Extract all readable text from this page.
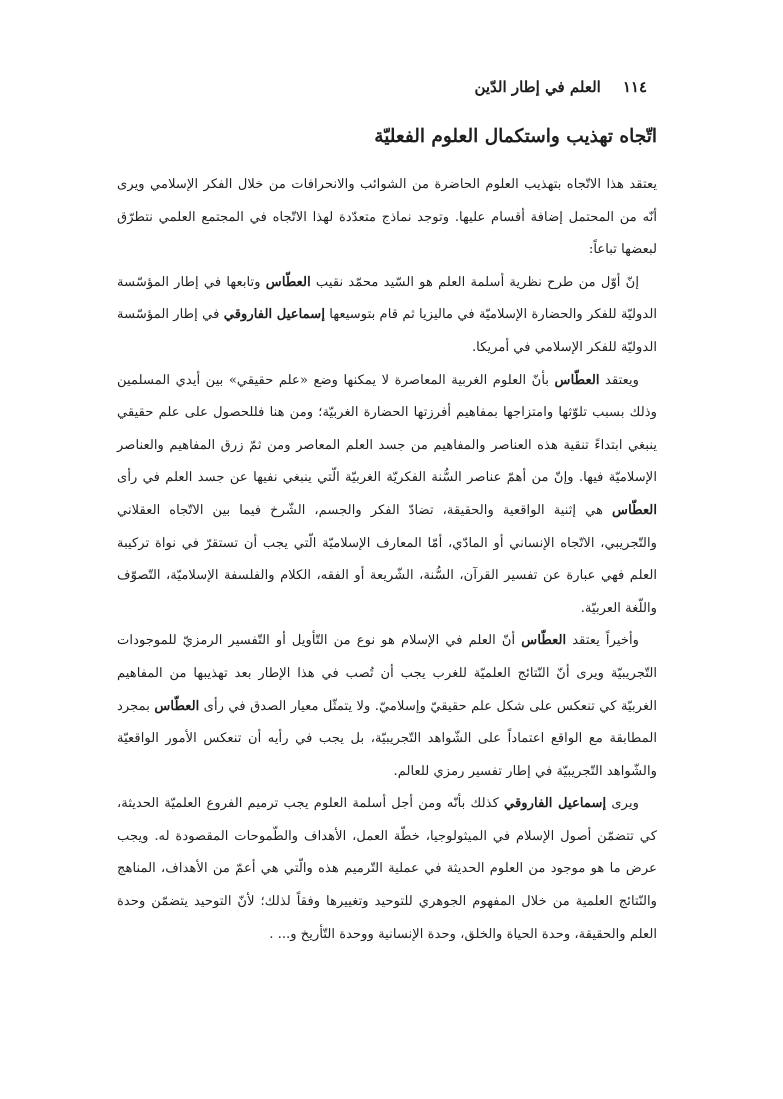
١١٤العلم في إطار الدّين
اتّجاه تهذيب واستكمال العلوم الفعليّة

يعتقد هذا الاتّجاه بتهذيب العلوم الحاضرة من الشوائب والانحرافات من خلال الفكر الإسلامي ويرى أنّه من المحتمل إضافة أقسام عليها. وتوجد نماذج متعدّدة لهذا الاتّجاه في المجتمع العلمي نتطرّق لبعضها تباعاً:

إنّ أوّل من طرح نظرية أسلمة العلم هو السّيد محمّد نقيب العطّاس وتابعها في إطار المؤسّسة الدوليّة للفكر والحضارة الإسلاميّة في ماليزيا ثم قام بتوسيعها إسماعيل الفاروقي في إطار المؤسّسة الدوليّة للفكر الإسلامي في أمريكا.

ويعتقد العطّاس بأنّ العلوم الغربية المعاصرة لا يمكنها وضع «علم حقيقي» بين أيدي المسلمين وذلك بسبب تلوّثها وامتزاجها بمفاهيم أفرزتها الحضارة الغربيّة؛ ومن هنا فللحصول على علم حقيقي ينبغي ابتداءً تنقية هذه العناصر والمفاهيم من جسد العلم المعاصر ومن ثمّ زرق المفاهيم والعناصر الإسلاميّة فيها. وإنّ من أهمّ عناصر السُّنة الفكريّة الغربيّة الّتي ينبغي نفيها عن جسد العلم في رأى العطّاس هي إثنية الواقعية والحقيقة، تضادّ الفكر والجسم، الشّرخ فيما بين الاتّجاه العقلاني والتّجريبي، الاتّجاه الإنساني أو المادّي، أمّا المعارف الإسلاميّة الّتي يجب أن تستقرّ في نواة تركيبة العلم فهي عبارة عن تفسير القرآن، السُّنة، الشّريعة أو الفقه، الكلام والفلسفة الإسلاميّة، التّصوّف واللّغة العربيّة.

وأخيراً يعتقد العطّاس أنّ العلم في الإسلام هو نوع من التّأويل أو التّفسير الرمزيّ للموجودات التّجريبيّة ويرى أنّ النّتائج العلميّة للغرب يجب أن تُصب في هذا الإطار بعد تهذيبها من المفاهيم الغربيّة كي تنعكس على شكل علم حقيقيّ وإسلاميّ. ولا يتمثّل معيار الصدق في رأى العطّاس بمجرد المطابقة مع الواقع اعتماداً على الشّواهد التّجريبيّة، بل يجب في رأيه أن تنعكس الأمور الواقعيّة والشّواهد التّجريبيّة في إطار تفسير رمزي للعالم.

ويرى إسماعيل الفاروقي كذلك بأنّه ومن أجل أسلمة العلوم يجب ترميم الفروع العلميّة الحديثة، كي تتضمّن أصول الإسلام في الميثولوجيا، خطّة العمل، الأهداف والطّموحات المقصودة له. ويجب عرض ما هو موجود من العلوم الحديثة في عملية التّرميم هذه والّتي هي أعمّ من الأهداف، المناهج والنّتائج العلمية من خلال المفهوم الجوهري للتوحيد وتغييرها وفقاً لذلك؛ لأنّ التوحيد يتضمّن وحدة العلم والحقيقة، وحدة الحياة والخلق، وحدة الإنسانية ووحدة التّأريخ و... .
